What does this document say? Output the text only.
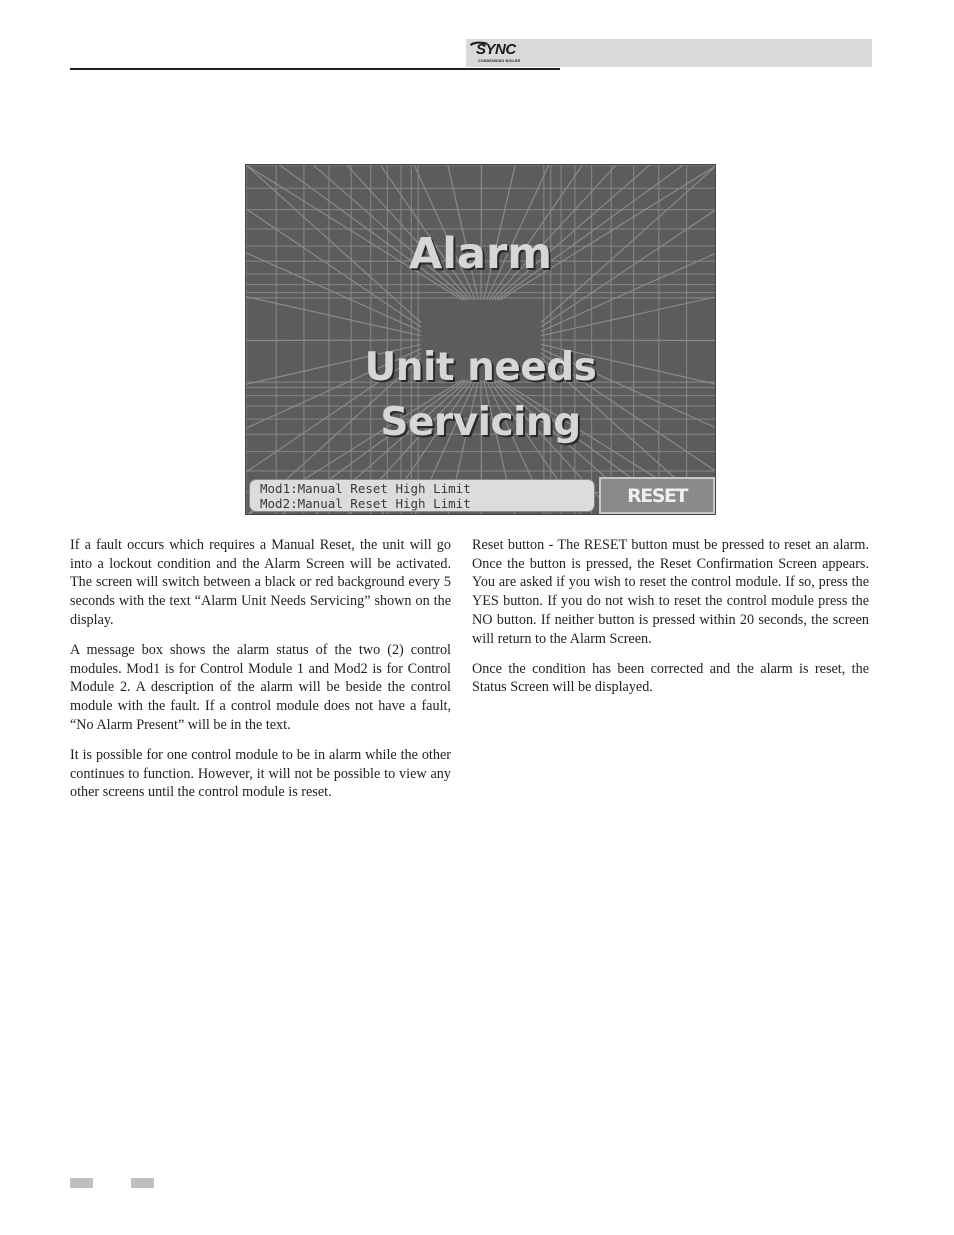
SYNC
CONDENSING BOILER
Alarm
Unit needs
Servicing
Mod1:Manual Reset High Limit
Mod2:Manual Reset High Limit	RESET

If a fault occurs which requires a Manual Reset, the unit will go into a lockout condition and the Alarm Screen will be activated. The screen will switch between a black or red background every 5 seconds with the text “Alarm Unit Needs Servicing” shown on the display.

A message box shows the alarm status of the two (2) control modules. Mod1 is for Control Module 1 and Mod2 is for Control Module 2. A description of the alarm will be beside the control module with the fault. If a control module does not have a fault, “No Alarm Present” will be in the text.

It is possible for one control module to be in alarm while the other continues to function. However, it will not be possible to view any other screens until the control module is reset.

Reset button - The RESET button must be pressed to reset an alarm. Once the button is pressed, the Reset Confirmation Screen appears. You are asked if you wish to reset the control module. If so, press the YES button. If you do not wish to reset the control module press the NO button. If neither button is pressed within 20 seconds, the screen will return to the Alarm Screen.

Once the condition has been corrected and the alarm is reset, the Status Screen will be displayed.
